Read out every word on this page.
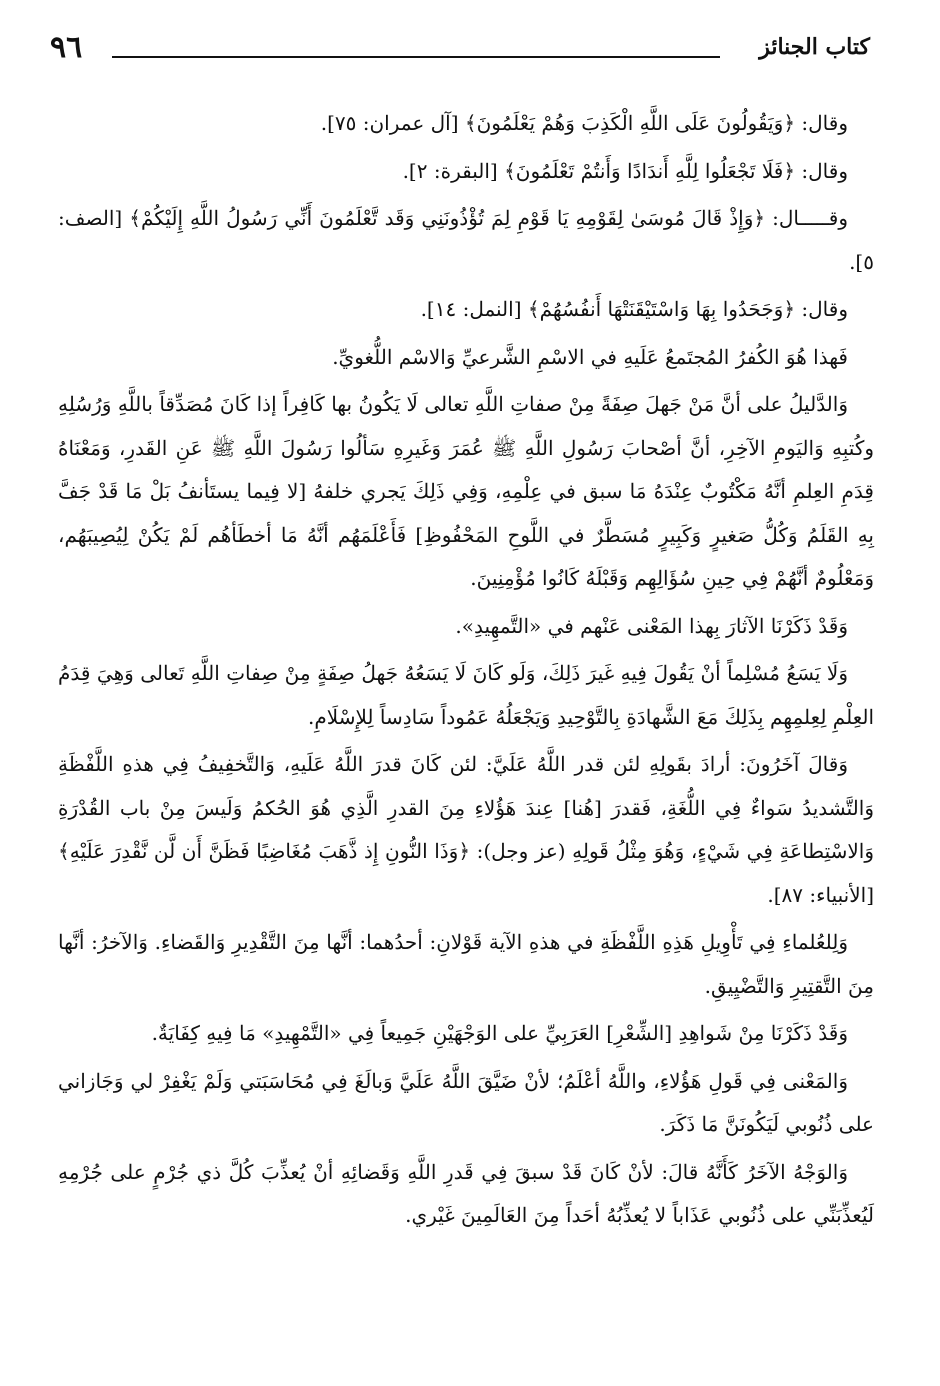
كتاب الجنائز
٩٦

وقال: ﴿وَيَقُولُونَ عَلَى اللَّهِ الْكَذِبَ وَهُمْ يَعْلَمُونَ﴾ [آل عمران: ٧٥].

وقال: ﴿فَلَا تَجْعَلُوا لِلَّهِ أَندَادًا وَأَنتُمْ تَعْلَمُونَ﴾ [البقرة: ٢].

وقـــــال: ﴿وَإِذْ قَالَ مُوسَىٰ لِقَوْمِهِ يَا قَوْمِ لِمَ تُؤْذُونَنِي وَقَد تَّعْلَمُونَ أَنِّي رَسُولُ اللَّهِ إِلَيْكُمْ﴾ [الصف: ٥].

وقال: ﴿وَجَحَدُوا بِهَا وَاسْتَيْقَنَتْهَا أَنفُسُهُمْ﴾ [النمل: ١٤].

فَهذا هُوَ الكُفرُ المُجتَمعُ عَلَيهِ في الاسْمِ الشَّرعيِّ وَالاسْم اللُّغويِّ.

وَالدَّليلُ على أنَّ مَنْ جَهلَ صِفَةً مِنْ صفاتِ اللَّهِ تعالى لَا يَكُونُ بها كَافِراً إذا كَانَ مُصَدِّقاً باللَّهِ وَرُسُلِهِ وكُتبِهِ وَاليَومِ الآخِرِ، أنَّ أصْحابَ رَسُولِ اللَّهِ ﷺ عُمَرَ وَغَيرِهِ سَألُوا رَسُولَ اللَّهِ ﷺ عَنِ القَدرِ، وَمَعْنَاهُ قِدَمِ العِلمِ أنَّهُ مَكْتُوبٌ عِنْدَهُ مَا سبق في عِلْمِهِ، وَفِي ذَلِكَ يَجري خلفهُ [لا فِيما يستَأنفُ بَلْ مَا قَدْ جَفَّ بِهِ القَلَمُ وَكُلُّ صَغيرٍ وَكَبِيرٍ مُسَطَّرٌ في اللَّوحِ المَحْفُوظِ] فَأَعْلَمَهُم أنَّهُ مَا أخطَأهُم لَمْ يَكُنْ لِيُصِيبَهُم، وَمَعْلُومٌ أنَّهُمْ فِي حِينِ سُؤَالِهِم وَقَبْلَهُ كَانُوا مُؤْمِنِينَ.

وَقَدْ ذَكَرْنَا الآثارَ بِهذا المَعْنى عَنْهم في «التَّمهِيدِ».

وَلَا يَسَعُ مُسْلِماً أنْ يَقُولَ فِيهِ غَيرَ ذَلِكَ، وَلَو كَانَ لَا يَسَعُهُ جَهلُ صِفَةٍ مِنْ صِفاتِ اللَّهِ تَعالى وَهِيَ قِدَمُ العِلْمِ لِعِلمِهِم بِذَلِكَ مَعَ الشَّهادَةِ بِالتَّوْحِيدِ وَيَجْعَلُهُ عَمُوداً سَادِساً لِلإِسْلَامِ.

وَقالَ آخَرُونَ: أرادَ بقَولِهِ لئن قدر اللَّهُ عَلَيَّ: لئن كَانَ قدرَ اللَّهُ عَلَيهِ، وَالتَّخفِيفُ فِي هذهِ اللَّفْظَةِ وَالتَّشديدُ سَواءٌ فِي اللُّغَةِ، فَقدرَ [هُنا] عِندَ هَؤُلاءِ مِنَ القدرِ الَّذِي هُوَ الحُكمُ وَلَيسَ مِنْ باب القُدْرَةِ وَالاسْتِطاعَةِ فِي شَيْءٍ، وَهُوَ مِثْلُ قَولِهِ (عز وجل): ﴿وَذَا النُّونِ إِذ ذَّهَبَ مُغَاضِبًا فَظَنَّ أَن لَّن نَّقْدِرَ عَلَيْهِ﴾ [الأنبياء: ٨٧].

وَلِلعُلماءِ فِي تَأْوِيلِ هَذِهِ اللَّفْظَةِ في هذهِ الآية قَوْلانِ: أحدُهما: أنَّها مِنَ التَّقْدِيرِ وَالقَضاءِ. وَالآخرُ: أنَّها مِنَ التَّقتِيرِ وَالتَّضْيِيقِ.

وَقَدْ ذَكَرْنَا مِنْ شَواهِدِ [الشِّعْرِ] العَرَبِيِّ على الوَجْهَيْنِ جَمِيعاً فِي «التَّمْهِيدِ» مَا فِيهِ كِفَايَةٌ.

وَالمَعْنى فِي قَولِ هَؤُلاءِ، واللَّهُ أعْلَمُ؛ لأنْ ضَيَّقَ اللَّهُ عَلَيَّ وَبالَغَ فِي مُحَاسَبَتي وَلَمْ يَغْفِرْ لي وَجَازاني على ذُنُوبي لَيَكُونَنَّ مَا ذَكَرَ.

وَالوَجْهُ الآخَرُ كَأَنَّهُ قالَ: لأنْ كَانَ قَدْ سبقَ فِي قَدرِ اللَّهِ وَقَضائِهِ أنْ يُعذِّبَ كُلَّ ذي جُرْمٍ على جُرْمِهِ لَيُعذِّبَنِّي على ذُنُوبي عَذَاباً لا يُعذِّبُهُ أحَداً مِنَ العَالَمِينَ غَيْري.
